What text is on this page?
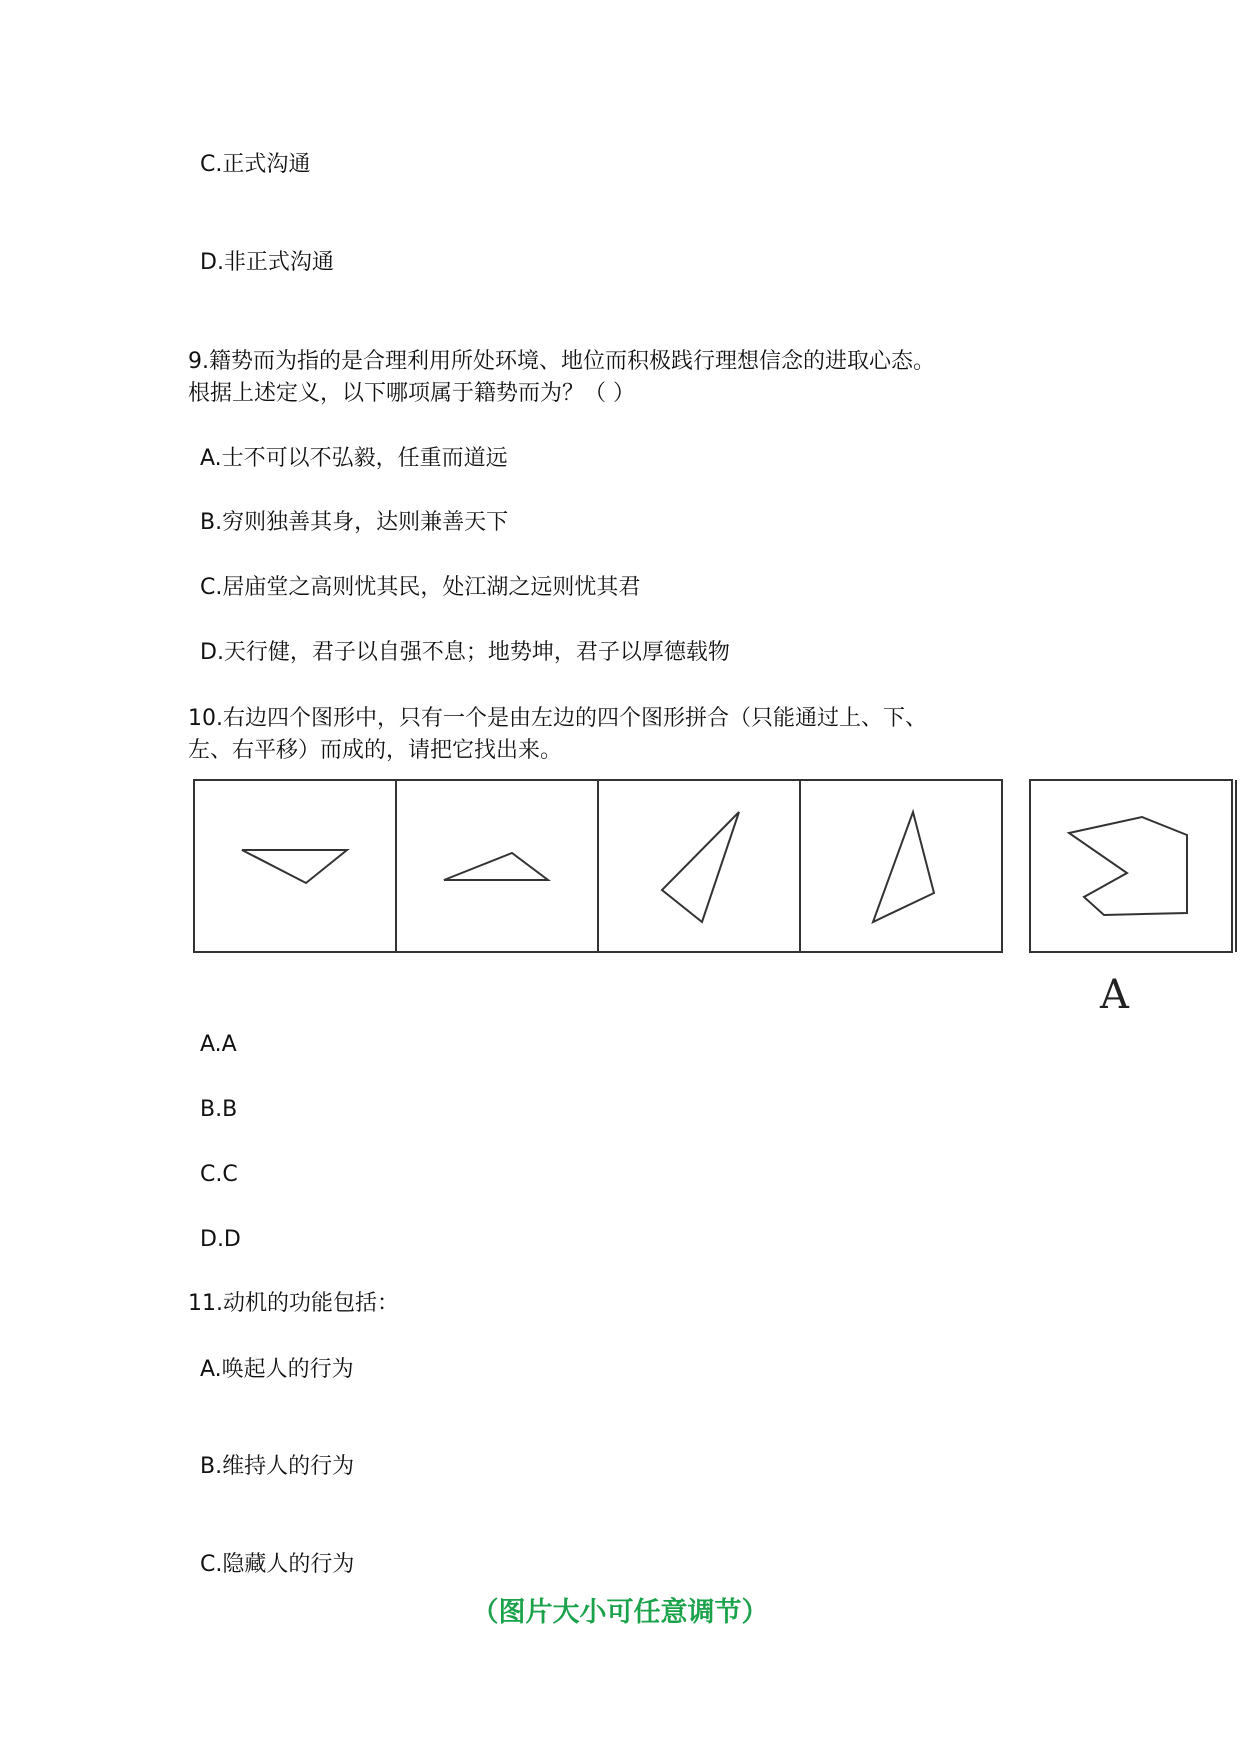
C.正式沟通
D.非正式沟通
9.籍势而为指的是合理利用所处环境、地位而积极践行理想信念的进取心态。
根据上述定义，以下哪项属于籍势而为？（ ）
A.士不可以不弘毅，任重而道远
B.穷则独善其身，达则兼善天下
C.居庙堂之高则忧其民，处江湖之远则忧其君
D.天行健，君子以自强不息；地势坤，君子以厚德载物
10.右边四个图形中，只有一个是由左边的四个图形拼合（只能通过上、下、
左、右平移）而成的，请把它找出来。
A
A.A
B.B
C.C
D.D
11.动机的功能包括：
A.唤起人的行为
B.维持人的行为
C.隐藏人的行为
（图片大小可任意调节）
